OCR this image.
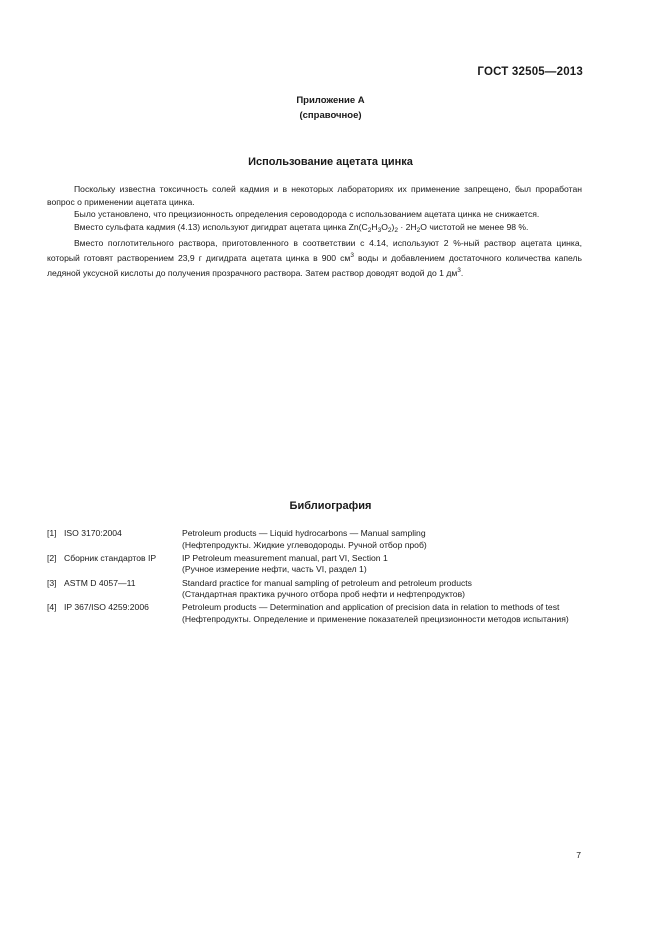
ГОСТ 32505—2013
Приложение А
(справочное)
Использование ацетата цинка

Поскольку известна токсичность солей кадмия и в некоторых лабораториях их применение запрещено, был проработан вопрос о применении ацетата цинка.

Было установлено, что прецизионность определения сероводорода с использованием ацетата цинка не снижается.

Вместо сульфата кадмия (4.13) используют дигидрат ацетата цинка $Zn(C_2H_3O_2)_2 \cdot 2H_2O$ чистотой не менее 98 %.

Вместо поглотительного раствора, приготовленного в соответствии с 4.14, используют 2 %-ный раствор ацетата цинка, который готовят растворением 23,9 г дигидрата ацетата цинка в 900 $см^3$ воды и добавлением достаточного количества капель ледяной уксусной кислоты до получения прозрачного раствора. Затем раствор доводят водой до 1 $дм^3$.

Библиография
[1] ISO 3170:2004	Petroleum products — Liquid hydrocarbons — Manual sampling
(Нефтепродукты. Жидкие углеводороды. Ручной отбор проб)
[2] Сборник стандартов IP	IP Petroleum measurement manual, part VI, Section 1
(Ручное измерение нефти, часть VI, раздел 1)
[3] ASTM D 4057—11	Standard practice for manual sampling of petroleum and petroleum products
(Стандартная практика ручного отбора проб нефти и нефтепродуктов)
[4] IP 367/ISO 4259:2006	Petroleum products — Determination and application of precision data in relation to methods of test
(Нефтепродукты. Определение и применение показателей прецизионности методов испытания)
7
